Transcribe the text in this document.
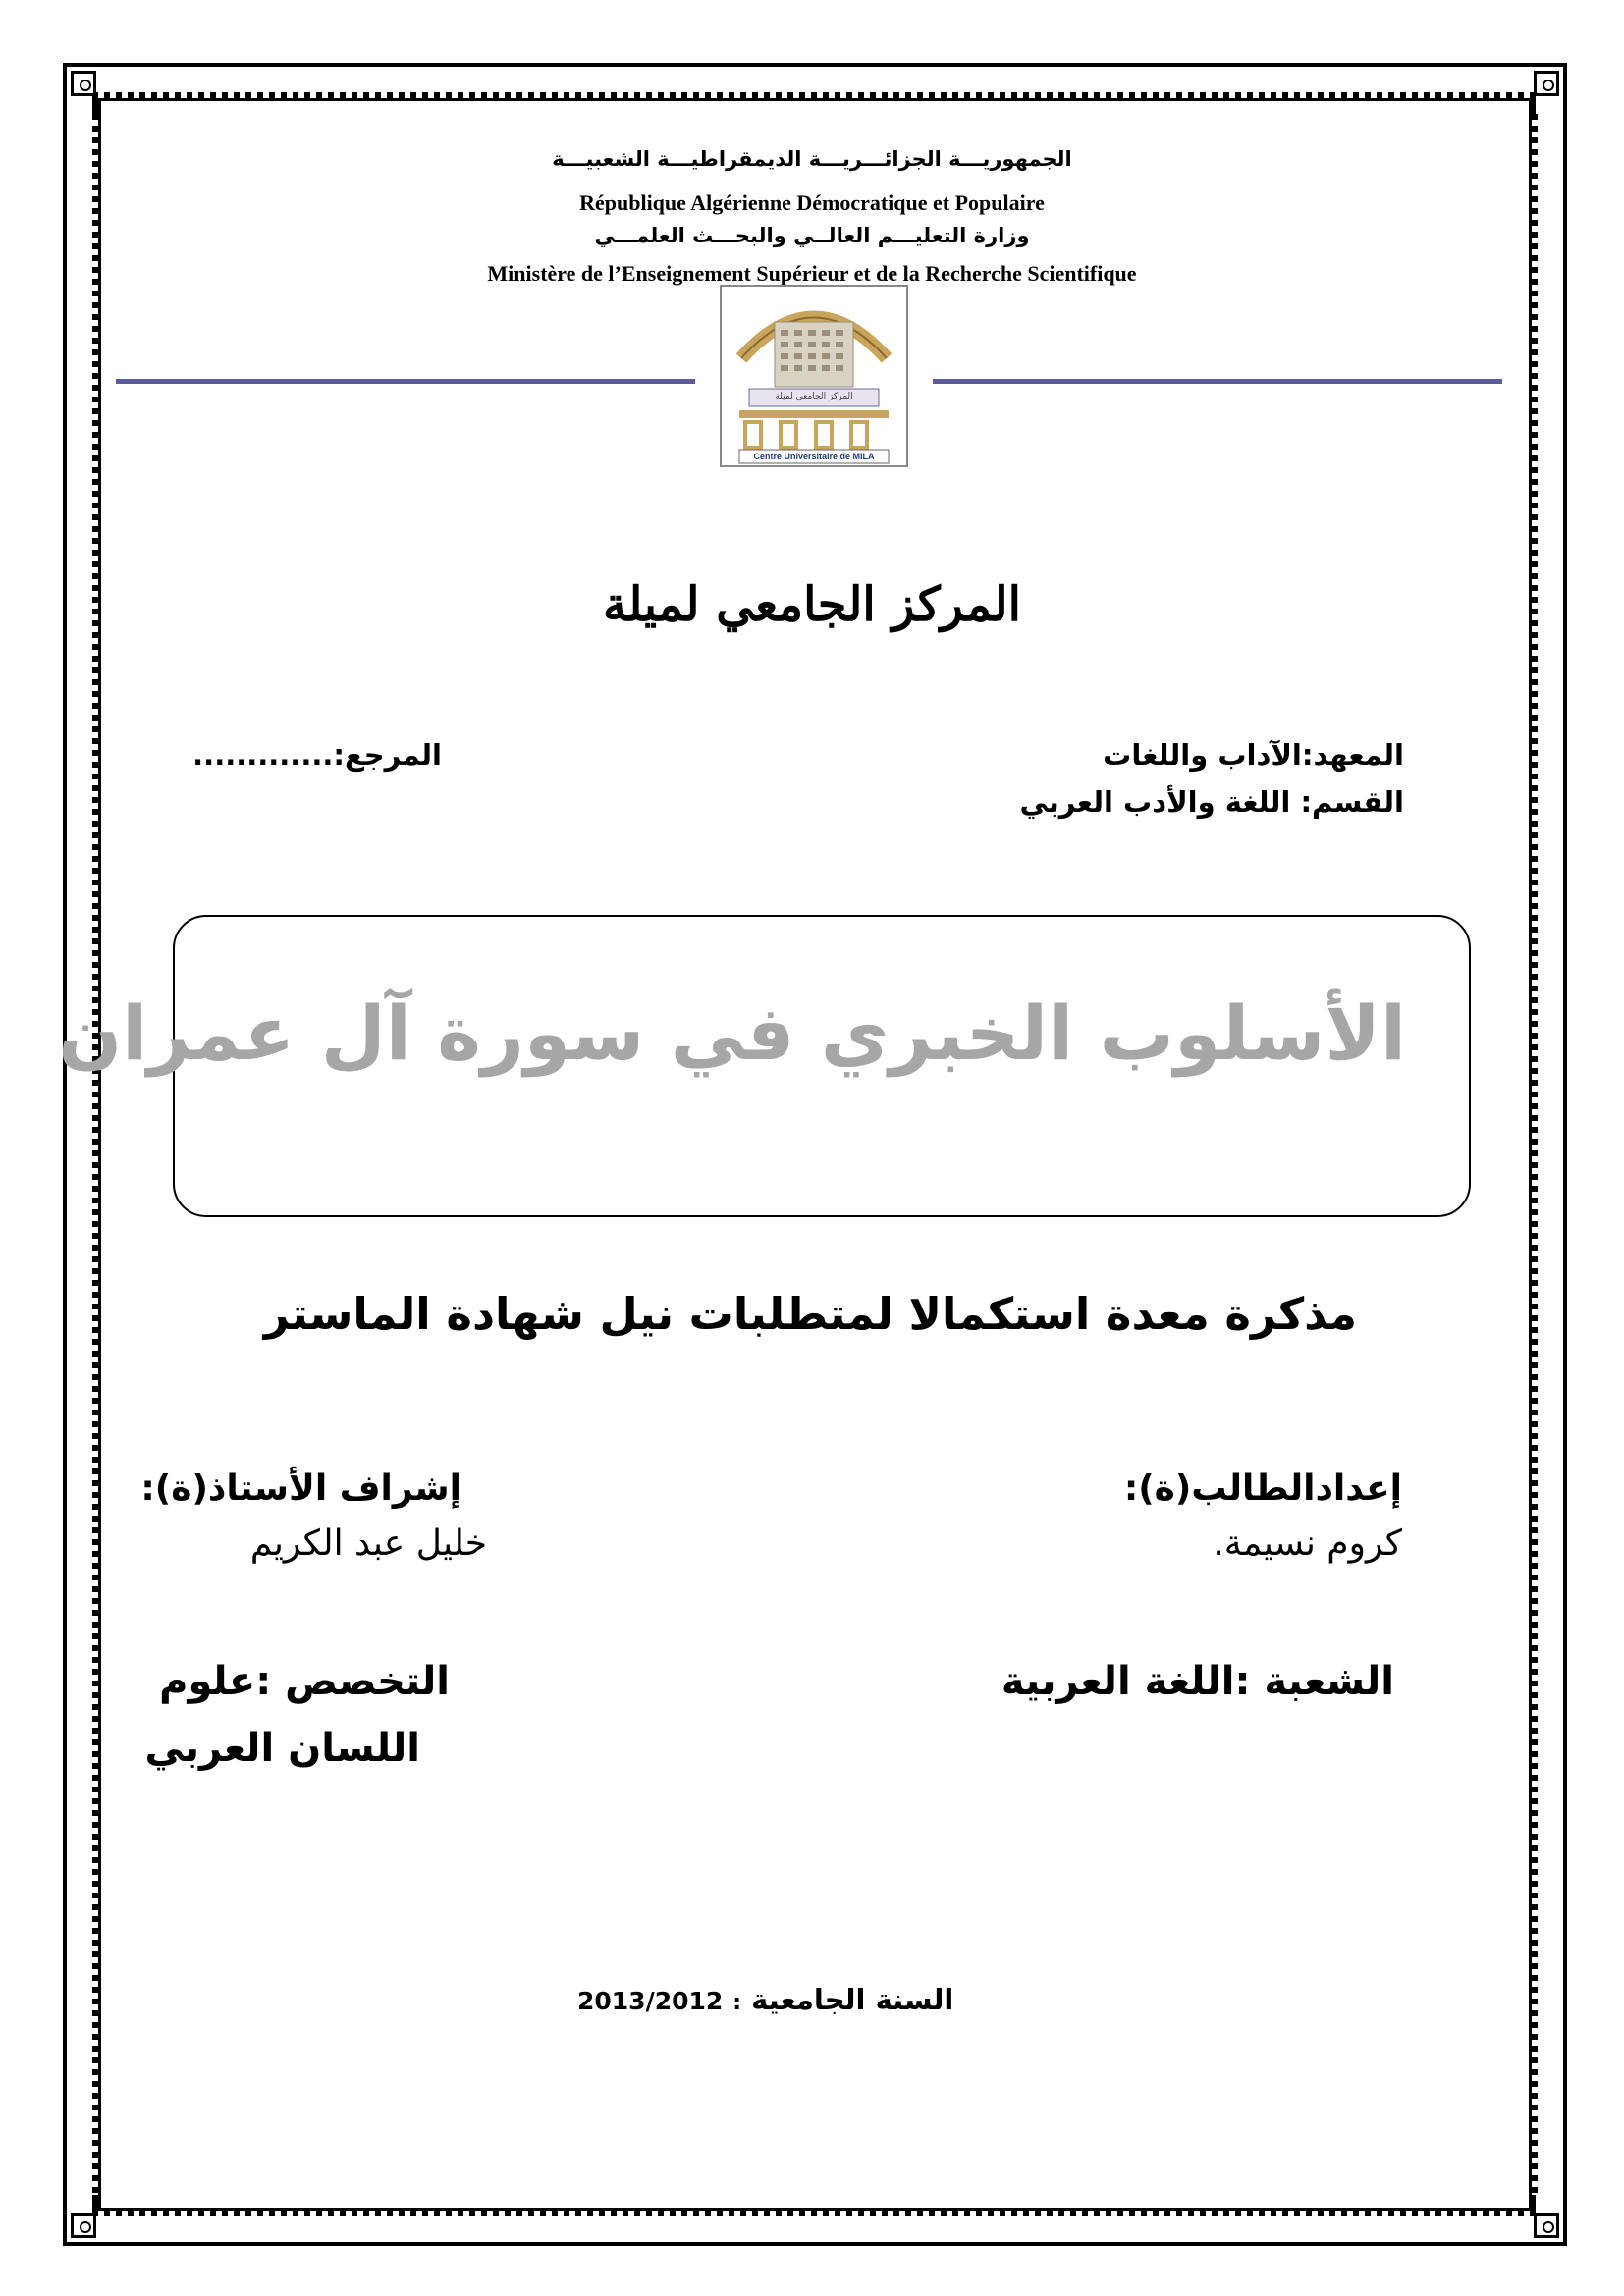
الجمهوريـــة الجزائـــريـــة الديمقراطيـــة الشعبيـــة
République Algérienne Démocratique et Populaire
وزارة التعليـــم العالــي والبحـــث العلمـــي
Ministère de l’Enseignement Supérieur et de la Recherche Scientifique
المركز الجامعي لميلة
Centre Universitaire de MILA
المركز الجامعي لميلة
المعهد:الآداب واللغات
القسم: اللغة والأدب العربي
المرجع:.............
الأسلوب الخبري في سورة آل عمران
مذكرة معدة استكمالا لمتطلبات نيل شهادة الماستر
إعدادالطالب(ة):
كروم نسيمة.
إشراف الأستاذ(ة):
خليل عبد الكريم
الشعبة :اللغة العربية
التخصص :علوم
اللسان العربي
2013/2012 : السنة الجامعية
